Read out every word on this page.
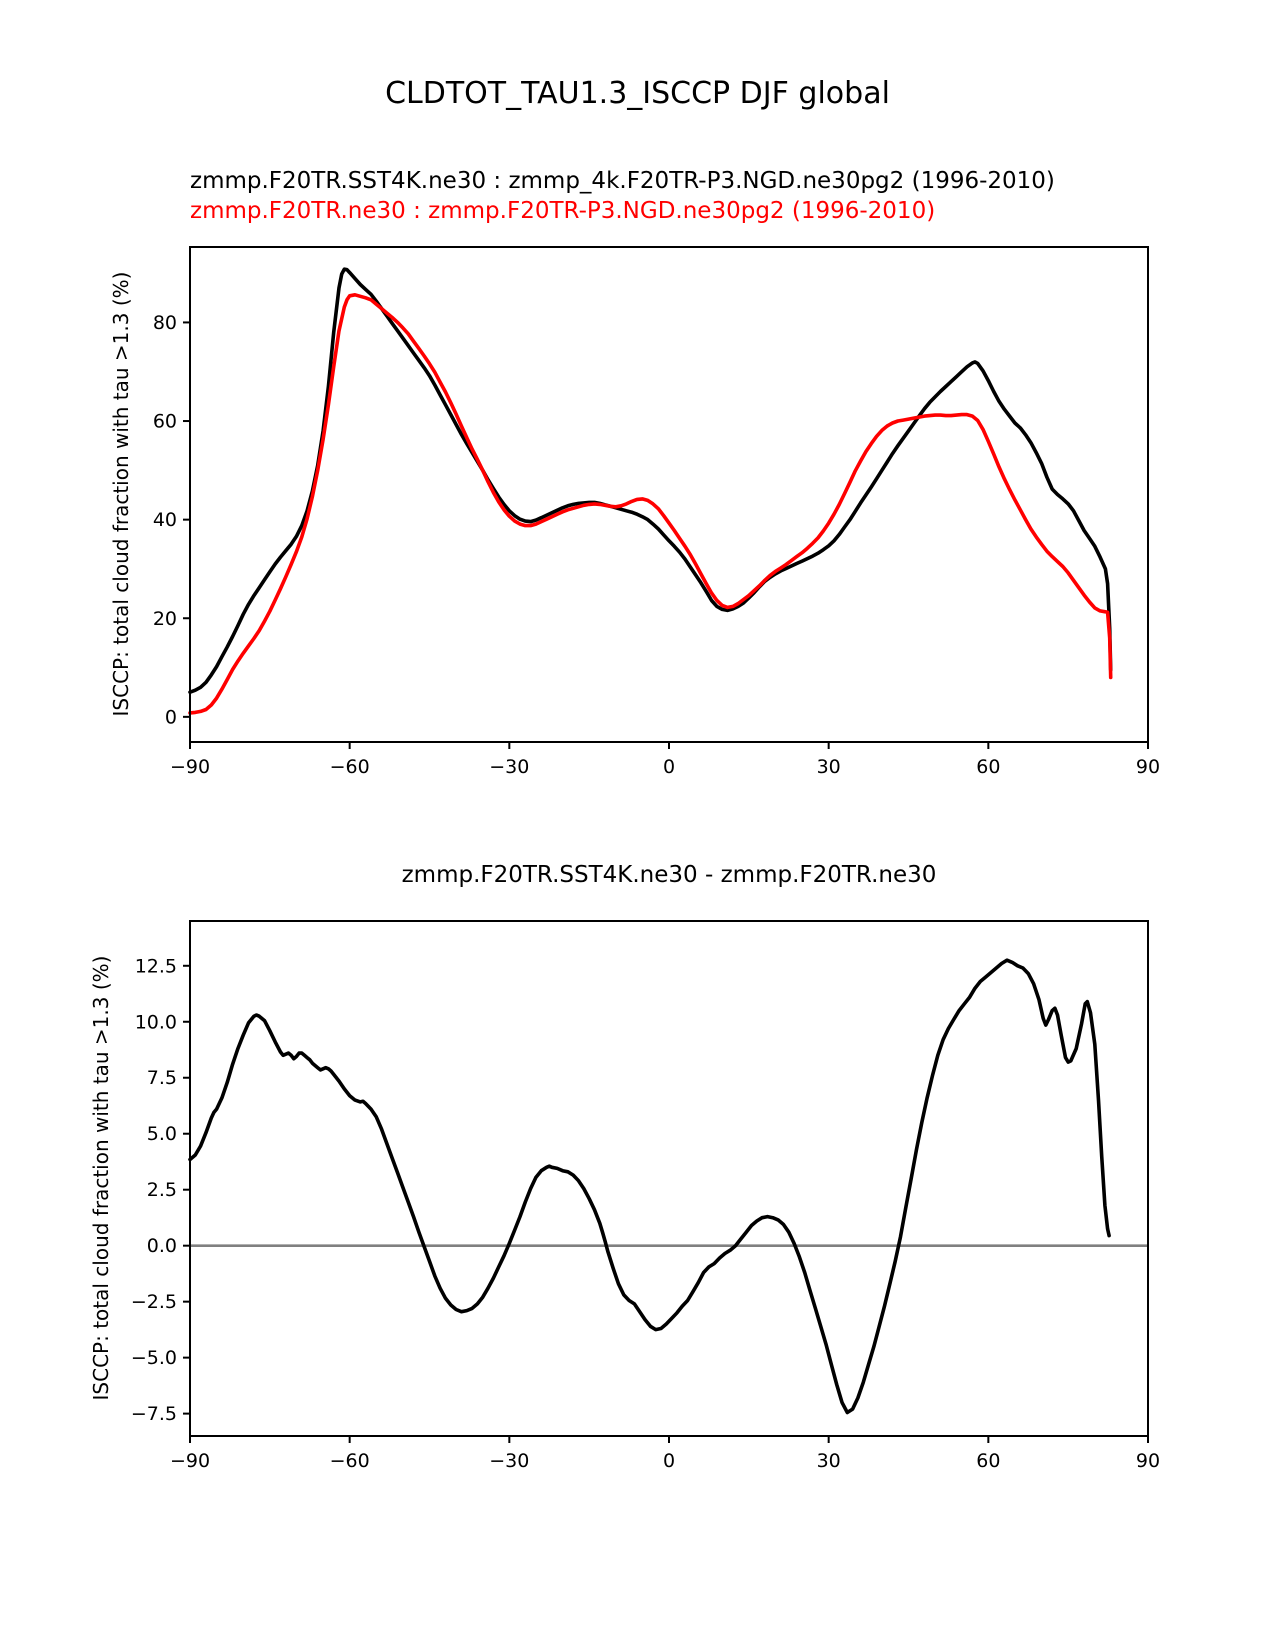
CLDTOT_TAU1.3_ISCCP DJF global
zmmp.F20TR.SST4K.ne30 : zmmp_4k.F20TR-P3.NGD.ne30pg2 (1996-2010)
zmmp.F20TR.ne30 : zmmp.F20TR-P3.NGD.ne30pg2 (1996-2010)
ISCCP: total cloud fraction with tau >1.3 (%)
zmmp.F20TR.SST4K.ne30 - zmmp.F20TR.ne30
ISCCP: total cloud fraction with tau >1.3 (%)
−90	−60	−30	0	30	60	90
0
20
40
60
80
−90	−60	−30	0	30	60	90
−7.5
−5.0
−2.5
0.0
2.5
5.0
7.5
10.0
12.5
